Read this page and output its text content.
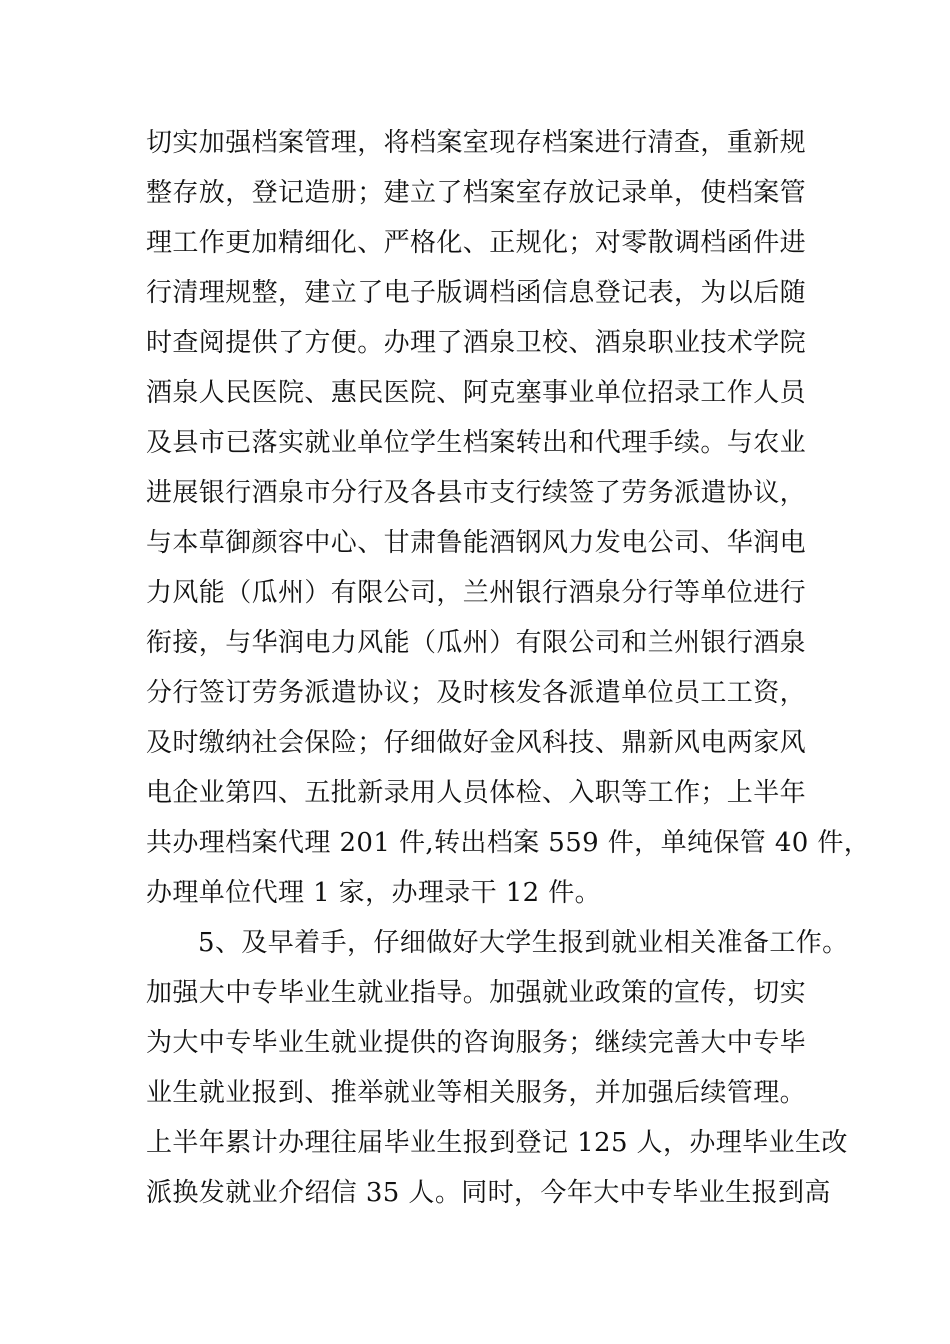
切实加强档案管理，将档案室现存档案进行清查，重新规
整存放，登记造册；建立了档案室存放记录单，使档案管
理工作更加精细化、严格化、正规化；对零散调档函件进
行清理规整，建立了电子版调档函信息登记表，为以后随
时查阅提供了方便。办理了酒泉卫校、酒泉职业技术学院
酒泉人民医院、惠民医院、阿克塞事业单位招录工作人员
及县市已落实就业单位学生档案转出和代理手续。与农业
进展银行酒泉市分行及各县市支行续签了劳务派遣协议，
与本草御颜容中心、甘肃鲁能酒钢风力发电公司、华润电
力风能（瓜州）有限公司，兰州银行酒泉分行等单位进行
衔接，与华润电力风能（瓜州）有限公司和兰州银行酒泉
分行签订劳务派遣协议；及时核发各派遣单位员工工资，
及时缴纳社会保险；仔细做好金风科技、鼎新风电两家风
电企业第四、五批新录用人员体检、入职等工作；上半年
共办理档案代理 201 件,转出档案 559 件，单纯保管 40 件，
办理单位代理 1 家，办理录干 12 件。
5、及早着手，仔细做好大学生报到就业相关准备工作。
加强大中专毕业生就业指导。加强就业政策的宣传，切实
为大中专毕业生就业提供的咨询服务；继续完善大中专毕
业生就业报到、推举就业等相关服务，并加强后续管理。
上半年累计办理往届毕业生报到登记 125 人，办理毕业生改
派换发就业介绍信 35 人。同时，今年大中专毕业生报到高
